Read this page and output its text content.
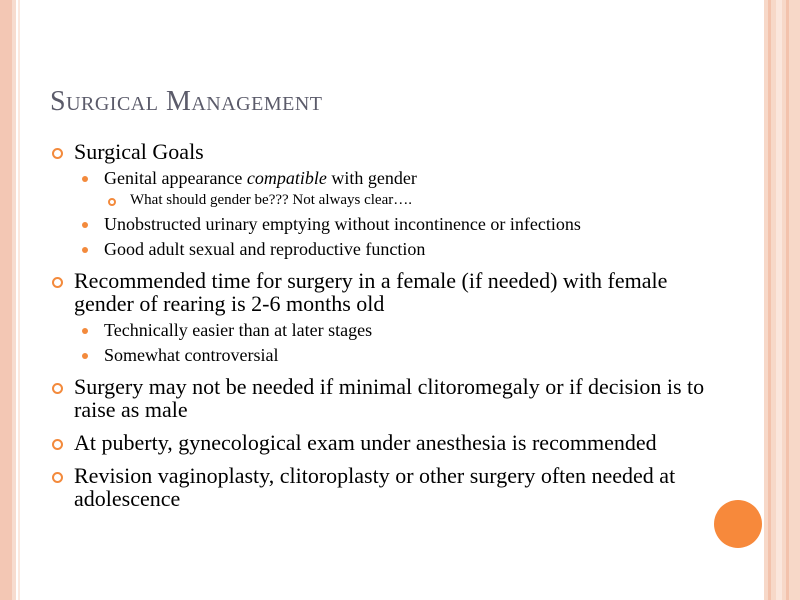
Surgical Management
Surgical Goals
Genital appearance compatible with gender
What should gender be??? Not always clear….
Unobstructed urinary emptying without incontinence or infections
Good adult sexual and reproductive function
Recommended time for surgery in a female (if needed) with female gender of rearing is 2-6 months old
Technically easier than at later stages
Somewhat controversial
Surgery may not be needed if minimal clitoromegaly or if decision is to raise as male
At puberty, gynecological exam under anesthesia is recommended
Revision vaginoplasty, clitoroplasty or other surgery often needed at adolescence
